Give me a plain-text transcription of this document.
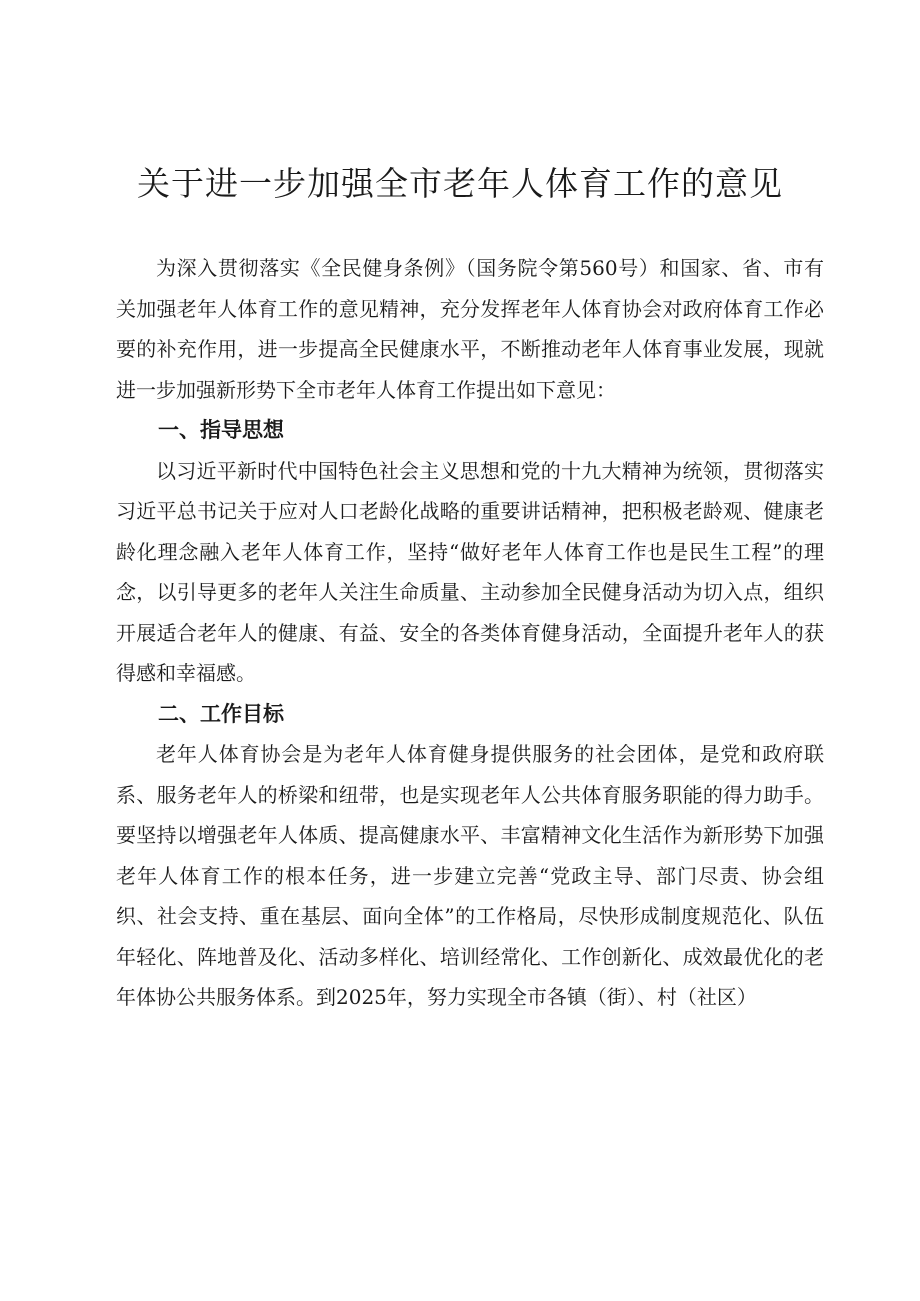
关于进一步加强全市老年人体育工作的意见

为深入贯彻落实《全民健身条例》（国务院令第560号）和国家、省、市有关加强老年人体育工作的意见精神，充分发挥老年人体育协会对政府体育工作必要的补充作用，进一步提高全民健康水平，不断推动老年人体育事业发展，现就进一步加强新形势下全市老年人体育工作提出如下意见：

一、指导思想

以习近平新时代中国特色社会主义思想和党的十九大精神为统领，贯彻落实习近平总书记关于应对人口老龄化战略的重要讲话精神，把积极老龄观、健康老龄化理念融入老年人体育工作，坚持“做好老年人体育工作也是民生工程”的理念，以引导更多的老年人关注生命质量、主动参加全民健身活动为切入点，组织开展适合老年人的健康、有益、安全的各类体育健身活动，全面提升老年人的获得感和幸福感。

二、工作目标

老年人体育协会是为老年人体育健身提供服务的社会团体，是党和政府联系、服务老年人的桥梁和纽带，也是实现老年人公共体育服务职能的得力助手。要坚持以增强老年人体质、提高健康水平、丰富精神文化生活作为新形势下加强老年人体育工作的根本任务，进一步建立完善“党政主导、部门尽责、协会组织、社会支持、重在基层、面向全体”的工作格局，尽快形成制度规范化、队伍年轻化、阵地普及化、活动多样化、培训经常化、工作创新化、成效最优化的老年体协公共服务体系。到2025年，努力实现全市各镇（街）、村（社区）
